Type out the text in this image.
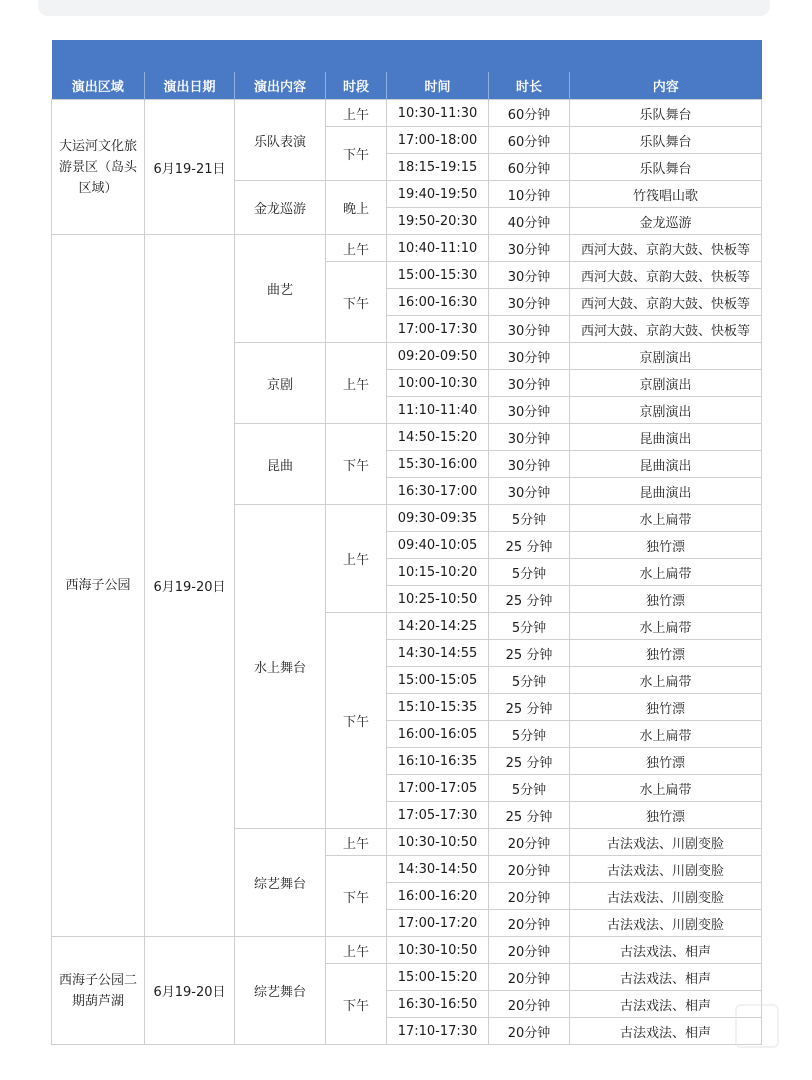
演出区域	演出日期	演出内容	时段	时间	时长	内容
大运河文化旅游景区（岛头区域）	6月19-21日	乐队表演	上午	10:30-11:30	60分钟	乐队舞台
			下午	17:00-18:00	60分钟	乐队舞台
				18:15-19:15	60分钟	乐队舞台
		金龙巡游	晚上	19:40-19:50	10分钟	竹筏唱山歌
				19:50-20:30	40分钟	金龙巡游
西海子公园	6月19-20日	曲艺	上午	10:40-11:10	30分钟	西河大鼓、京韵大鼓、快板等
			下午	15:00-15:30	30分钟	西河大鼓、京韵大鼓、快板等
				16:00-16:30	30分钟	西河大鼓、京韵大鼓、快板等
				17:00-17:30	30分钟	西河大鼓、京韵大鼓、快板等
		京剧	上午	09:20-09:50	30分钟	京剧演出
				10:00-10:30	30分钟	京剧演出
				11:10-11:40	30分钟	京剧演出
		昆曲	下午	14:50-15:20	30分钟	昆曲演出
				15:30-16:00	30分钟	昆曲演出
				16:30-17:00	30分钟	昆曲演出
		水上舞台	上午	09:30-09:35	5分钟	水上扁带
				09:40-10:05	25 分钟	独竹漂
				10:15-10:20	5分钟	水上扁带
				10:25-10:50	25 分钟	独竹漂
			下午	14:20-14:25	5分钟	水上扁带
				14:30-14:55	25 分钟	独竹漂
				15:00-15:05	5分钟	水上扁带
				15:10-15:35	25 分钟	独竹漂
				16:00-16:05	5分钟	水上扁带
				16:10-16:35	25 分钟	独竹漂
				17:00-17:05	5分钟	水上扁带
				17:05-17:30	25 分钟	独竹漂
		综艺舞台	上午	10:30-10:50	20分钟	古法戏法、川剧变脸
			下午	14:30-14:50	20分钟	古法戏法、川剧变脸
				16:00-16:20	20分钟	古法戏法、川剧变脸
				17:00-17:20	20分钟	古法戏法、川剧变脸
西海子公园二期葫芦湖	6月19-20日	综艺舞台	上午	10:30-10:50	20分钟	古法戏法、相声
			下午	15:00-15:20	20分钟	古法戏法、相声
				16:30-16:50	20分钟	古法戏法、相声
				17:10-17:30	20分钟	古法戏法、相声
